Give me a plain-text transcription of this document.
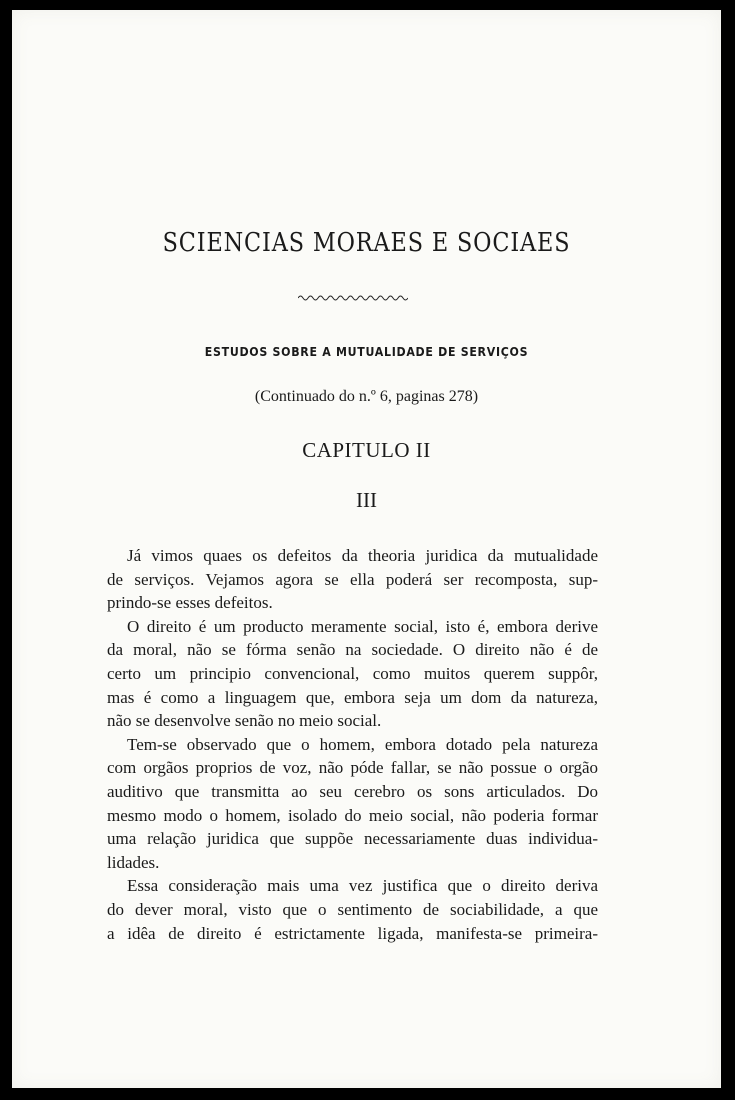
SCIENCIAS MORAES E SOCIAES
ESTUDOS SOBRE A MUTUALIDADE DE SERVIÇOS

(Continuado do n.º 6, paginas 278)

CAPITULO II
III
Já vimos quaes os defeitos da theoria juridica da mutualidade
de serviços. Vejamos agora se ella poderá ser recomposta, sup-
prindo-se esses defeitos.
O direito é um producto meramente social, isto é, embora derive
da moral, não se fórma senão na sociedade. O direito não é de
certo um principio convencional, como muitos querem suppôr,
mas é como a linguagem que, embora seja um dom da natureza,
não se desenvolve senão no meio social.
Tem-se observado que o homem, embora dotado pela natureza
com orgãos proprios de voz, não póde fallar, se não possue o orgão
auditivo que transmitta ao seu cerebro os sons articulados. Do
mesmo modo o homem, isolado do meio social, não poderia formar
uma relação juridica que suppõe necessariamente duas individua-
lidades.
Essa consideração mais uma vez justifica que o direito deriva
do dever moral, visto que o sentimento de sociabilidade, a que
a idêa de direito é estrictamente ligada, manifesta-se primeira-
